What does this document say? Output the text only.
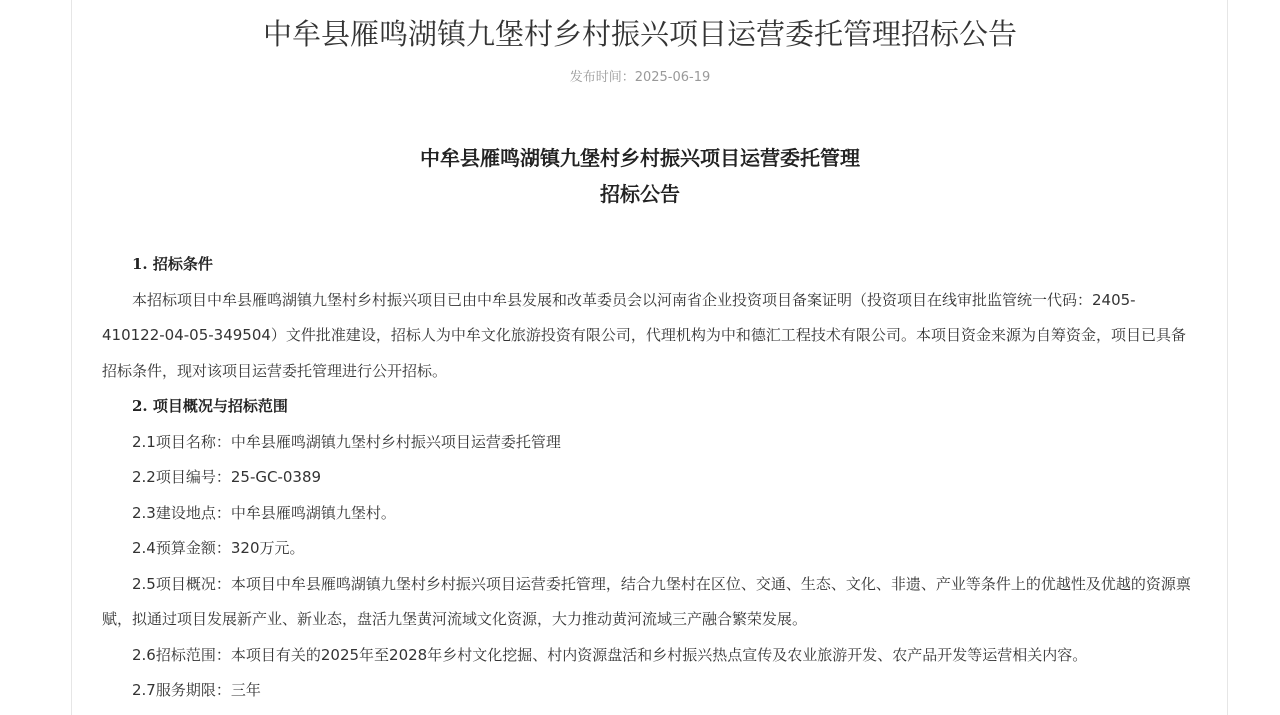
中牟县雁鸣湖镇九堡村乡村振兴项目运营委托管理招标公告
发布时间：2025-06-19
中牟县雁鸣湖镇九堡村乡村振兴项目运营委托管理
招标公告

1. 招标条件

本招标项目中牟县雁鸣湖镇九堡村乡村振兴项目已由中牟县发展和改革委员会以河南省企业投资项目备案证明（投资项目在线审批监管统一代码：2405-410122-04-05-349504）文件批准建设，招标人为中牟文化旅游投资有限公司，代理机构为中和德汇工程技术有限公司。本项目资金来源为自筹资金，项目已具备招标条件，现对该项目运营委托管理进行公开招标。

2. 项目概况与招标范围

2.1项目名称：中牟县雁鸣湖镇九堡村乡村振兴项目运营委托管理

2.2项目编号：25-GC-0389

2.3建设地点：中牟县雁鸣湖镇九堡村。

2.4预算金额：320万元。

2.5项目概况：本项目中牟县雁鸣湖镇九堡村乡村振兴项目运营委托管理，结合九堡村在区位、交通、生态、文化、非遗、产业等条件上的优越性及优越的资源禀赋，拟通过项目发展新产业、新业态，盘活九堡黄河流域文化资源，大力推动黄河流域三产融合繁荣发展。

2.6招标范围：本项目有关的2025年至2028年乡村文化挖掘、村内资源盘活和乡村振兴热点宣传及农业旅游开发、农产品开发等运营相关内容。

2.7服务期限：三年
